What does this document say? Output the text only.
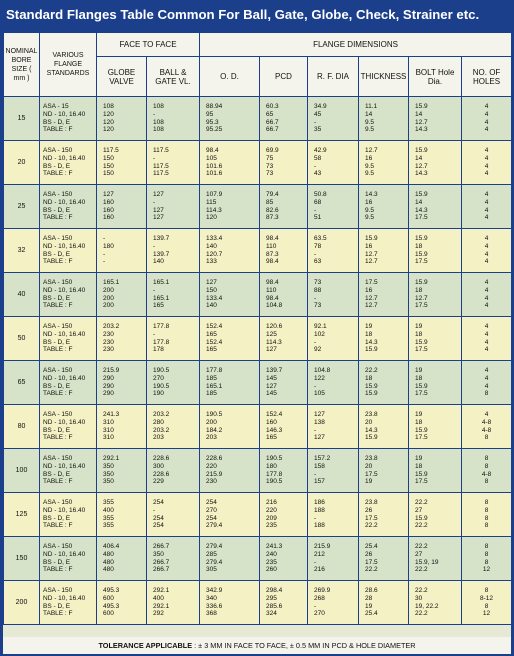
Standard Flanges Table Common For Ball, Gate, Globe, Check, Strainer etc.
NOMINAL BORE SIZE ( mm )	VARIOUS FLANGE STANDARDS	FACE TO FACE		FLANGE DIMENSIONS					
		GLOBE VALVE	BALL & GATE VL.	O. D.	PCD	R. F. DIA	THICKNESS	BOLT Hole Dia.	NO. OF HOLES
15	ASA - 15
ND - 10, 16.40
BS - D, E
TABLE : F	108
120
120
120	108
-
108
108	88.94
95
95.3
95.25	60.3
65
66.7
66.7	34.9
45
-
35	11.1
14
9.5
9.5	15.9
14
12.7
14.3	4
4
4
4

20	ASA - 150
ND - 10, 16.40
BS - D, E
TABLE : F	117.5
150
150
150	117.5
-
117.5
117.5	98.4
105
101.6
101.6	69.9
75
73
73	42.9
58
-
43	12.7
16
9.5
9.5	15.9
14
12.7
14.3	4
4
4
4

25	ASA - 150
ND - 10, 16.40
BS - D, E
TABLE : F	127
160
160
160	127
-
127
127	107.9
115
114.3
120	79.4
85
82.6
87.3	50.8
68
-
51	14.3
16
9.5
9.5	15.9
14
14.3
17.5	4
4
4
4

32	ASA - 150
ND - 10, 16.40
BS - D, E
TABLE : F	-
180
-
-	139.7
-
139.7
140	133.4
140
120.7
133	98.4
110
87.3
98.4	63.5
78
-
63	15.9
16
12.7
12.7	15.9
18
15.9
17.5	4
4
4
4

40	ASA - 150
ND - 10, 16.40
BS - D, E
TABLE : F	165.1
200
200
200	165.1
-
165.1
165	127
150
133.4
140	98.4
110
98.4
104.8	73
88
-
73	17.5
16
12.7
12.7	15.9
18
12.7
17.5	4
4
4
4

50	ASA - 150
ND - 10, 16.40
BS - D, E
TABLE : F	203.2
230
230
230	177.8
-
177.8
178	152.4
165
152.4
165	120.6
125
114.3
127	92.1
102
-
92	19
18
14.3
15.9	19
18
15.9
17.5	4
4
4
4

65	ASA - 150
ND - 10, 16.40
BS - D, E
TABLE : F	215.9
290
290
290	190.5
270
190.5
190	177.8
185
165.1
185	139.7
145
127
145	104.8
122
-
105	22.2
18
15.9
15.9	19
18
15.9
17.5	4
4
4
8

80	ASA - 150
ND - 10, 16.40
BS - D, E
TABLE : F	241.3
310
310
310	203.2
280
203.2
203	190.5
200
184.2
203	152.4
160
146.3
165	127
138
-
127	23.8
20
14.3
15.9	19
18
15.9
17.5	4
4-8
4-8
8

100	ASA - 150
ND - 10, 16.40
BS - D, E
TABLE : F	292.1
350
350
350	228.6
300
228.6
229	228.6
220
215.9
230	190.5
180
177.8
190.5	157.2
158
-
157	23.8
20
17.5
19	19
18
15.9
17.5	8
8
4-8
8

125	ASA - 150
ND - 10, 16.40
BS - D, E
TABLE : F	355
400
355
355	254
-
254
254	254
270
254
279.4	216
220
209
235	186
188
-
188	23.8
26
17.5
22.2	22.2
27
15.9
22.2	8
8
8
8

150	ASA - 150
ND - 10, 16.40
BS - D, E
TABLE : F	406.4
480
480
480	266.7
350
266.7
266.7	279.4
285
279.4
305	241.3
240
235
260	215.9
212
-
216	25.4
26
17.5
22.2	22.2
27
15.9, 19
22.2	8
8
8
12

200	ASA - 150
ND - 10, 16.40
BS - D, E
TABLE : F	495.3
600
495.3
600	292.1
400
292.1
292	342.9
340
336.6
368	298.4
295
285.6
324	269.9
268
-
270	28.6
28
19
25.4	22.2
30
19, 22.2
22.2	8
8-12
8
12
TOLERANCE APPLICABLE : ± 3 MM IN FACE TO FACE, ± 0.5 MM IN PCD & HOLE DIAMETER
